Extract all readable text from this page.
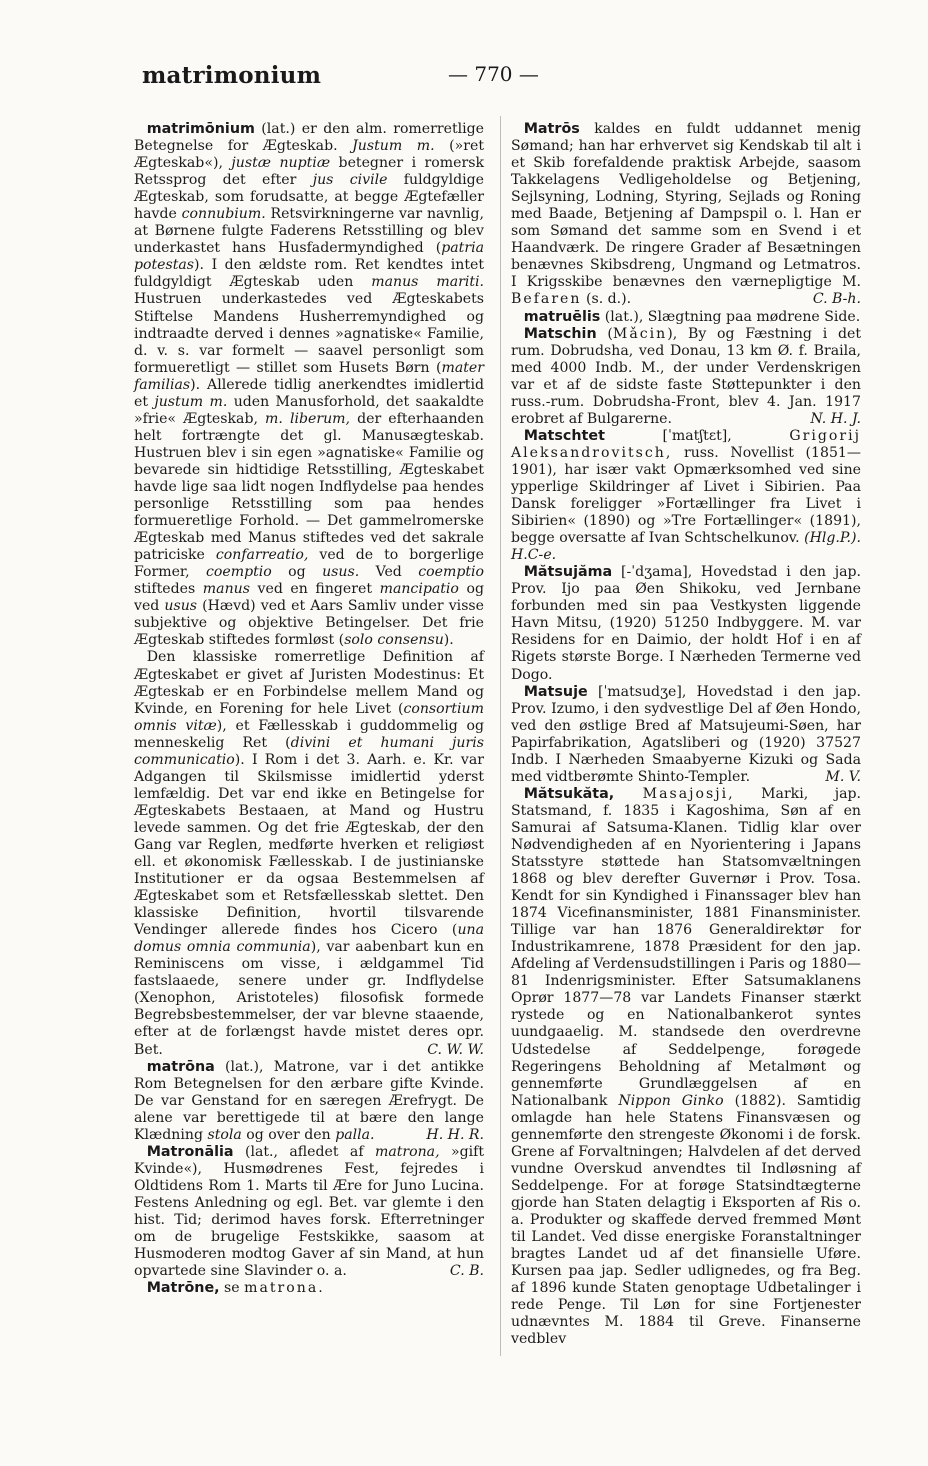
matrimonium	— 770 —

matrimōnium (lat.) er den alm. romerretlige Betegnelse for Ægteskab. Justum m. (»ret Ægteskab«), justæ nuptiæ betegner i romersk Retssprog det efter jus civile fuldgyldige Ægteskab, som forudsatte, at begge Ægtefæller havde connubium. Retsvirkningerne var navnlig, at Børnene fulgte Faderens Retsstilling og blev underkastet hans Husfadermyndighed (patria potestas). I den ældste rom. Ret kendtes intet fuldgyldigt Ægteskab uden manus mariti. Hustruen underkastedes ved Ægteskabets Stiftelse Mandens Husherremyndighed og indtraadte derved i dennes »agnatiske« Familie, d. v. s. var formelt — saavel personligt som formueretligt — stillet som Husets Børn (mater familias). Allerede tidlig anerkendtes imidlertid et justum m. uden Manusforhold, det saakaldte »frie« Ægteskab, m. liberum, der efterhaanden helt fortrængte det gl. Manusægteskab. Hustruen blev i sin egen »agnatiske« Familie og bevarede sin hidtidige Retsstilling, Ægteskabet havde lige saa lidt nogen Indflydelse paa hendes personlige Retsstilling som paa hendes formueretlige Forhold. — Det gammelromerske Ægteskab med Manus stiftedes ved det sakrale patriciske confarreatio, ved de to borgerlige Former, coemptio og usus. Ved coemptio stiftedes manus ved en fingeret mancipatio og ved usus (Hævd) ved et Aars Samliv under visse subjektive og objektive Betingelser. Det frie Ægteskab stiftedes formløst (solo consensu).

Den klassiske romerretlige Definition af Ægteskabet er givet af Juristen Modestinus: Et Ægteskab er en Forbindelse mellem Mand og Kvinde, en Forening for hele Livet (consortium omnis vitæ), et Fællesskab i guddommelig og menneskelig Ret (divini et humani juris communicatio). I Rom i det 3. Aarh. e. Kr. var Adgangen til Skilsmisse imidlertid yderst lemfældig. Det var end ikke en Betingelse for Ægteskabets Bestaaen, at Mand og Hustru levede sammen. Og det frie Ægteskab, der den Gang var Reglen, medførte hverken et religiøst ell. et økonomisk Fællesskab. I de justinianske Institutioner er da ogsaa Bestemmelsen af Ægteskabet som et Retsfællesskab slettet. Den klassiske Definition, hvortil tilsvarende Vendinger allerede findes hos Cicero (una domus omnia communia), var aabenbart kun en Reminiscens om visse, i ældgammel Tid fastslaaede, senere under gr. Indflydelse (Xenophon, Aristoteles) filosofisk formede Begrebsbestemmelser, der var blevne staaende, efter at de forlængst havde mistet deres opr. Bet.	C. W. W.

matrōna (lat.), Matrone, var i det antikke Rom Betegnelsen for den ærbare gifte Kvinde. De var Genstand for en særegen Ærefrygt. De alene var berettigede til at bære den lange Klædning stola og over den palla.	H. H. R.

Matronālia (lat., afledet af matrona, »gift Kvinde«), Husmødrenes Fest, fejredes i Oldtidens Rom 1. Marts til Ære for Juno Lucina. Festens Anledning og egl. Bet. var glemte i den hist. Tid; derimod haves forsk. Efterretninger om de brugelige Festskikke, saasom at Husmoderen modtog Gaver af sin Mand, at hun opvartede sine Slavinder o. a.	C. B.

Matrōne, se matrona.

Matrōs kaldes en fuldt uddannet menig Sømand; han har erhvervet sig Kendskab til alt i et Skib forefaldende praktisk Arbejde, saasom Takkelagens Vedligeholdelse og Betjening, Sejlsyning, Lodning, Styring, Sejlads og Roning med Baade, Betjening af Dampspil o. l. Han er som Sømand det samme som en Svend i et Haandværk. De ringere Grader af Besætningen benævnes Skibsdreng, Ungmand og Letmatros. I Krigsskibe benævnes den værnepligtige M. Befaren (s. d.).	C. B-h.

matruēlis (lat.), Slægtning paa mødrene Side.

Matschin (Mǎcin), By og Fæstning i det rum. Dobrudsha, ved Donau, 13 km Ø. f. Braila, med 4000 Indb. M., der under Verdenskrigen var et af de sidste faste Støttepunkter i den russ.-rum. Dobrudsha-Front, blev 4. Jan. 1917 erobret af Bulgarerne.	N. H. J.

Matschtet [ˈmatʃtɛt], Grigorij Aleksandrovitsch, russ. Novellist (1851—1901), har især vakt Opmærksomhed ved sine ypperlige Skildringer af Livet i Sibirien. Paa Dansk foreligger »Fortællinger fra Livet i Sibirien« (1890) og »Tre Fortællinger« (1891), begge oversatte af Ivan Schtschelkunov. (Hlg.P.). H.C-e.

Mătsujăma [-ˈdʒama], Hovedstad i den jap. Prov. Ijo paa Øen Shikoku, ved Jernbane forbunden med sin paa Vestkysten liggende Havn Mitsu, (1920) 51250 Indbyggere. M. var Residens for en Daimio, der holdt Hof i en af Rigets største Borge. I Nærheden Termerne ved Dogo.

Matsuje [ˈmatsudʒe], Hovedstad i den jap. Prov. Izumo, i den sydvestlige Del af Øen Hondo, ved den østlige Bred af Matsujeumi-Søen, har Papirfabrikation, Agatsliberi og (1920) 37527 Indb. I Nærheden Smaabyerne Kizuki og Sada med vidtberømte Shinto-Templer.	M. V.

Mătsukăta, Masajosji, Marki, jap. Statsmand, f. 1835 i Kagoshima, Søn af en Samurai af Satsuma-Klanen. Tidlig klar over Nødvendigheden af en Nyorientering i Japans Statsstyre støttede han Statsomvæltningen 1868 og blev derefter Guvernør i Prov. Tosa. Kendt for sin Kyndighed i Finanssager blev han 1874 Vicefinansminister, 1881 Finansminister. Tillige var han 1876 Generaldirektør for Industrikamrene, 1878 Præsident for den jap. Afdeling af Verdensudstillingen i Paris og 1880—81 Indenrigsminister. Efter Satsumaklanens Oprør 1877—78 var Landets Finanser stærkt rystede og en Nationalbankerot syntes uundgaaelig. M. standsede den overdrevne Udstedelse af Seddelpenge, forøgede Regeringens Beholdning af Metalmønt og gennemførte Grundlæggelsen af en Nationalbank Nippon Ginko (1882). Samtidig omlagde han hele Statens Finansvæsen og gennemførte den strengeste Økonomi i de forsk. Grene af Forvaltningen; Halvdelen af det derved vundne Overskud anvendtes til Indløsning af Seddelpenge. For at forøge Statsindtægterne gjorde han Staten delagtig i Eksporten af Ris o. a. Produkter og skaffede derved fremmed Mønt til Landet. Ved disse energiske Foranstaltninger bragtes Landet ud af det finansielle Uføre. Kursen paa jap. Sedler udlignedes, og fra Beg. af 1896 kunde Staten genoptage Udbetalinger i rede Penge. Til Løn for sine Fortjenester udnævntes M. 1884 til Greve. Finanserne vedblev
